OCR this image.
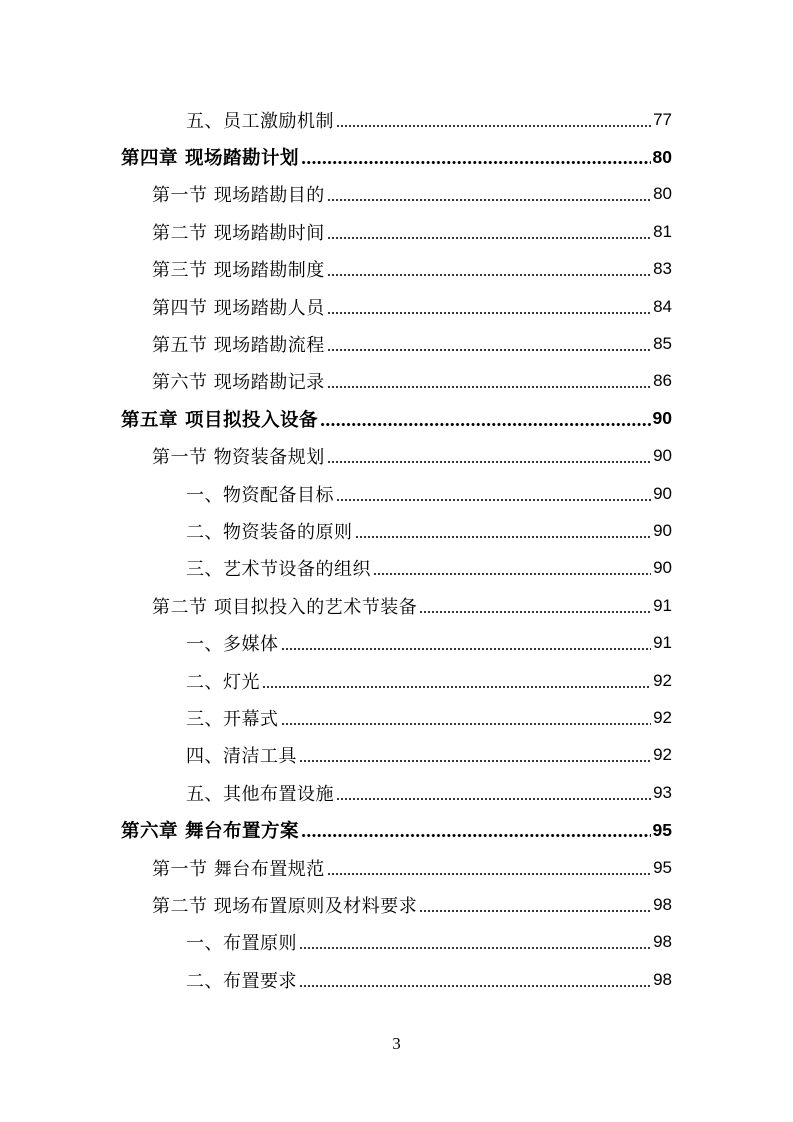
五、员工激励机制	77
第四章 现场踏勘计划	80
第一节 现场踏勘目的	80
第二节 现场踏勘时间	81
第三节 现场踏勘制度	83
第四节 现场踏勘人员	84
第五节 现场踏勘流程	85
第六节 现场踏勘记录	86
第五章 项目拟投入设备	90
第一节 物资装备规划	90
一、物资配备目标	90
二、物资装备的原则	90
三、艺术节设备的组织	90
第二节 项目拟投入的艺术节装备	91
一、多媒体	91
二、灯光	92
三、开幕式	92
四、清洁工具	92
五、其他布置设施	93
第六章 舞台布置方案	95
第一节 舞台布置规范	95
第二节 现场布置原则及材料要求	98
一、布置原则	98
二、布置要求	98
3
